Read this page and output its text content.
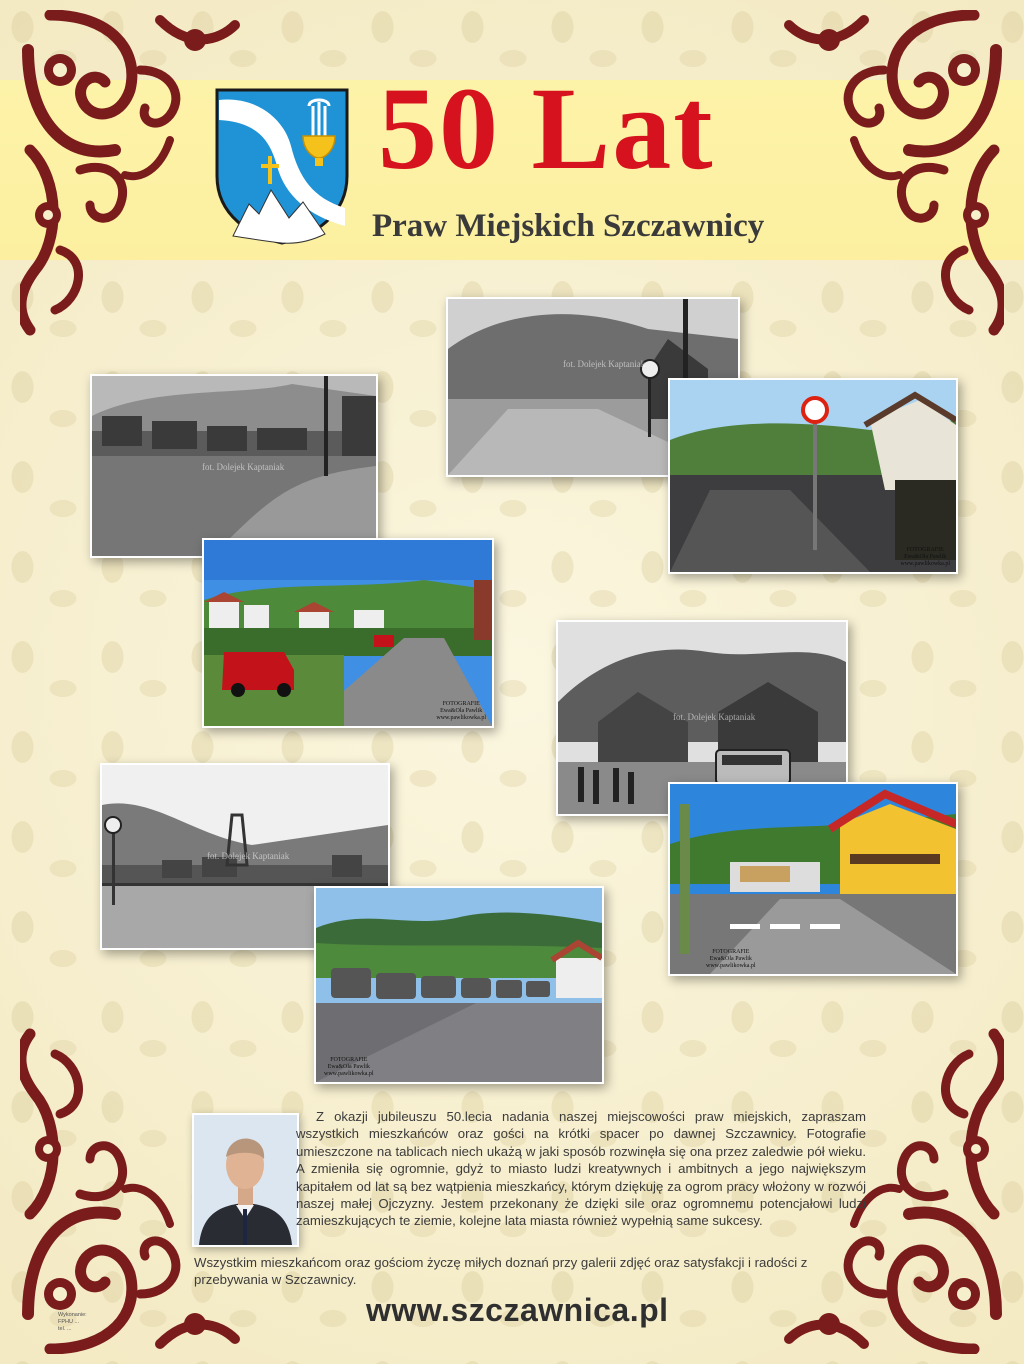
50 Lat
Praw Miejskich Szczawnicy
fot. Dolejek Kaptaniak
fot. Dolejek Kaptaniak
FOTOGRAFIE
Ewa&Ola Pawlik
www.pawlikowka.pl
FOTOGRAFIE
Ewa&Ola Pawlik
www.pawlikowka.pl	fot. Dolejek Kaptaniak
fot. Dolejek Kaptaniak
FOTOGRAFIE
Ewa&Ola Pawlik
www.pawlikowka.pl
FOTOGRAFIE
Ewa&Ola Pawlik
www.pawlikowka.pl

Z okazji jubileuszu 50.lecia nadania naszej miejscowości praw miejskich, zapraszam wszystkich mieszkańców oraz gości na krótki spacer po dawnej Szczawnicy. Fotografie umieszczone na tablicach niech ukażą w jaki sposób rozwinęła się ona przez zaledwie pół wieku. A zmieniła się ogromnie, gdyż to miasto ludzi kreatywnych i ambitnych a jego największym kapitałem od lat są bez wątpienia mieszkańcy, którym dziękuję za ogrom pracy włożony w rozwój naszej małej Ojczyzny. Jestem przekonany że dzięki sile oraz ogromnemu potencjałowi ludzi zamieszkujących te ziemie, kolejne lata miasta również wypełnią same sukcesy.

Wszystkim mieszkańcom oraz gościom życzę miłych doznań przy galerii zdjęć oraz satysfakcji i radości z przebywania w Szczawnicy.

www.szczawnica.pl
Wykonanie:
FPHU ...
tel. ...
